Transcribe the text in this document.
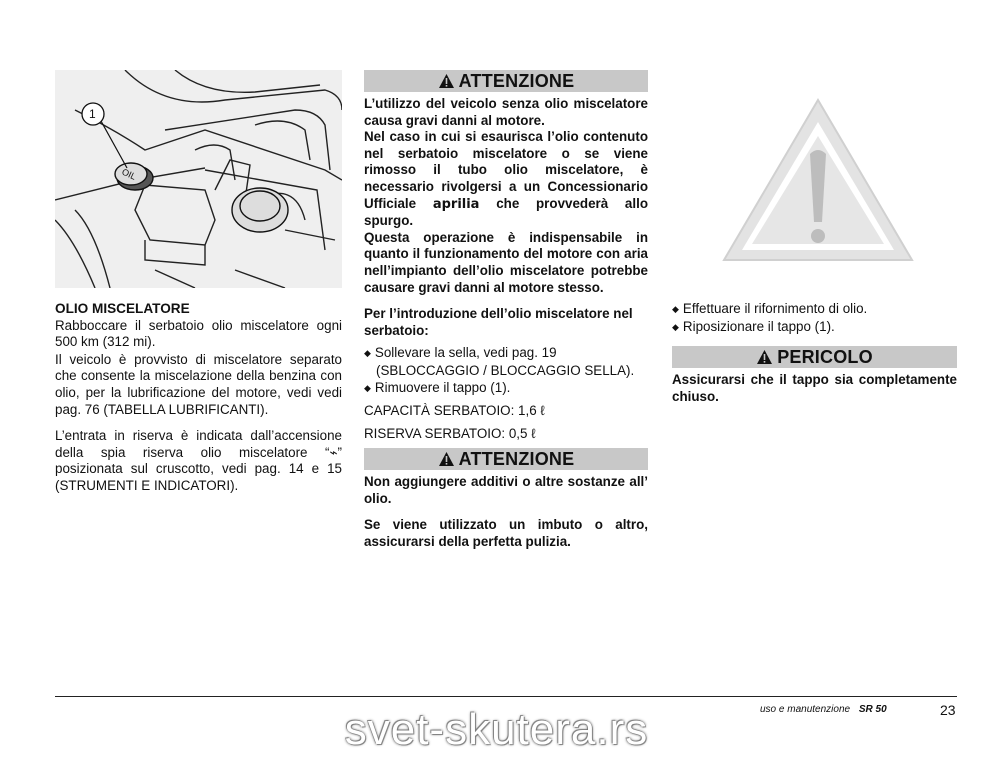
OIL
1

OLIO MISCELATORE

Rabboccare il serbatoio olio miscelatore ogni 500 km (312 mi).

Il veicolo è provvisto di miscelatore separato che consente la miscelazione della benzina con olio, per la lubrificazione del motore, vedi vedi pag. 76 (TABELLA LUBRIFICANTI).

L’entrata in riserva è indicata dall’accensione della spia riserva olio miscelatore “⌁” posizionata sul cruscotto, vedi pag. 14 e 15 (STRUMENTI E INDICATORI).

ATTENZIONE

L’utilizzo del veicolo senza olio miscelatore causa gravi danni al motore.

Nel caso in cui si esaurisca l’olio contenuto nel serbatoio miscelatore o se viene rimosso il tubo olio miscelatore, è necessario rivolgersi a un Concessionario Ufficiale aprilia che provvederà allo spurgo.

Questa operazione è indispensabile in quanto il funzionamento del motore con aria nell’impianto dell’olio miscelatore potrebbe causare gravi danni al motore stesso.

Per l’introduzione dell’olio miscelatore nel serbatoio:

◆ Sollevare la sella, vedi pag. 19 (SBLOCCAGGIO / BLOCCAGGIO SELLA).

◆ Rimuovere il tappo (1).

CAPACITÀ SERBATOIO: 1,6 ℓ

RISERVA SERBATOIO: 0,5 ℓ

ATTENZIONE

Non aggiungere additivi o altre sostanze all’ olio.

Se viene utilizzato un imbuto o altro, assicurarsi della perfetta pulizia.

◆ Effettuare il rifornimento di olio.

◆ Riposizionare il tappo (1).

PERICOLO

Assicurarsi che il tappo sia completamente chiuso.

uso e manutenzione SR 50	23
svet-skutera.rs
